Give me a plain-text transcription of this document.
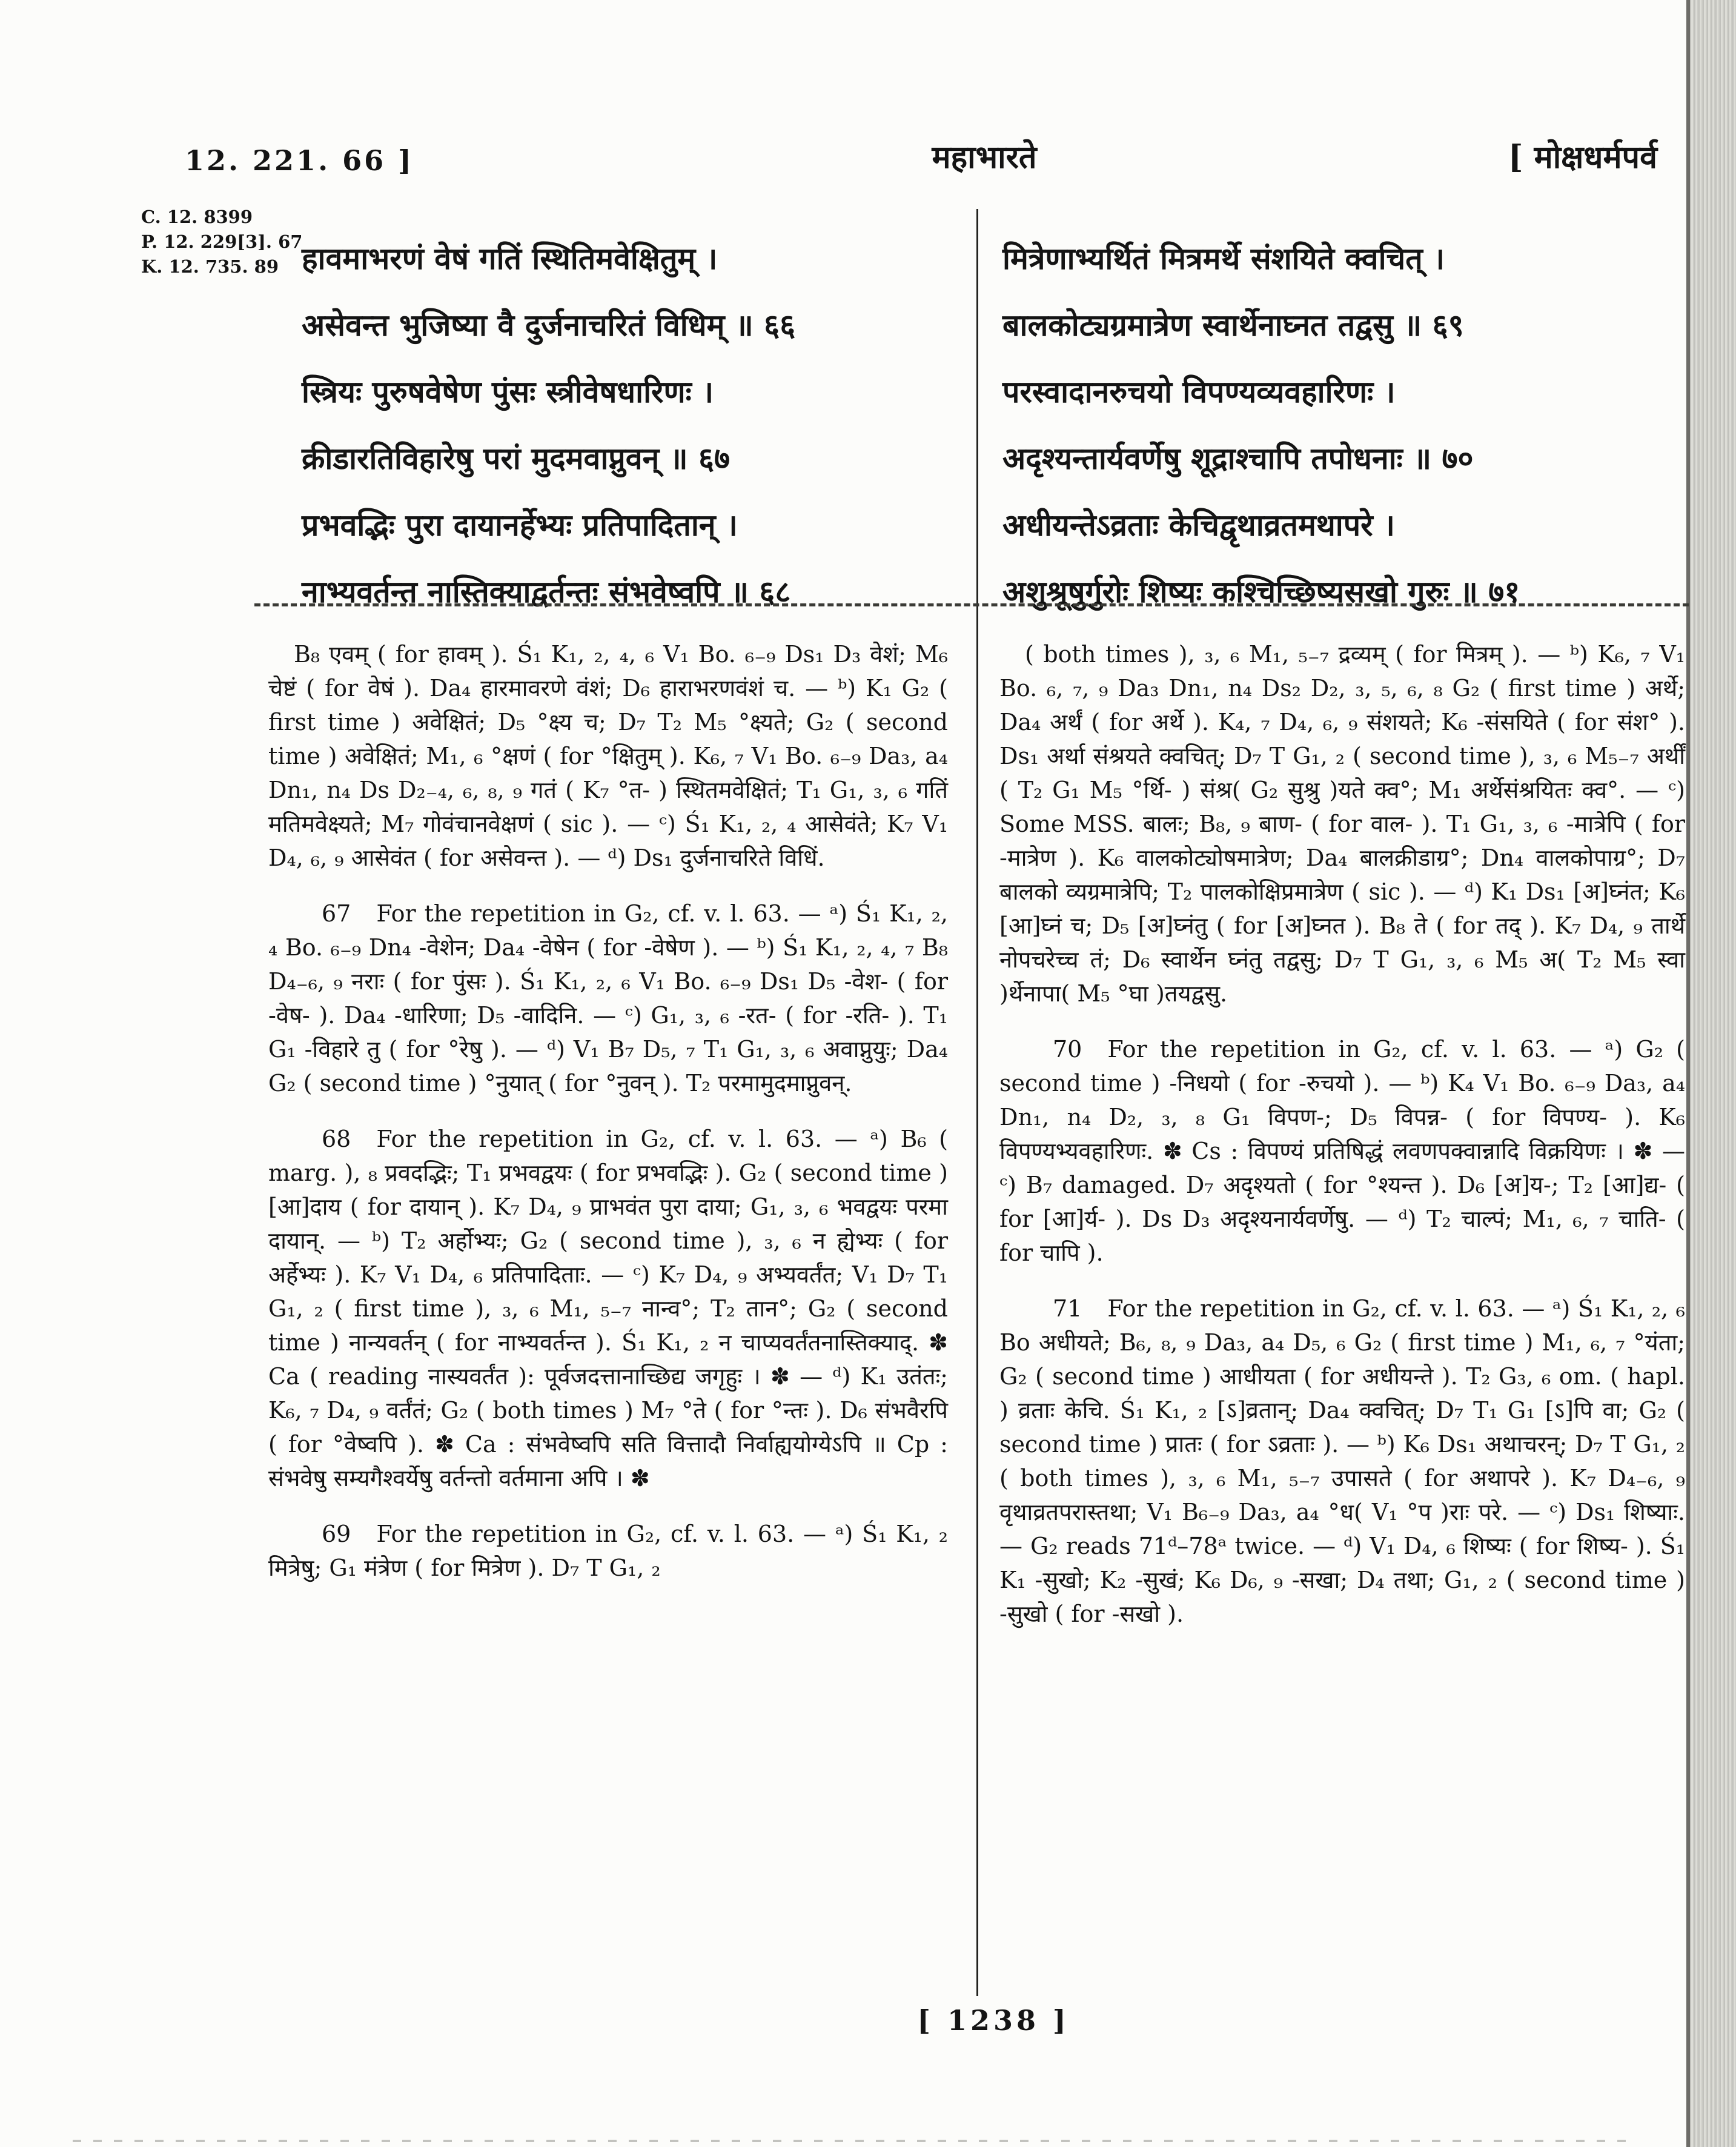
12. 221. 66 ]	महाभारते	[ मोक्षधर्मपर्व
C. 12. 8399
P. 12. 229[3]. 67
K. 12. 735. 89 हावमाभरणं वेषं गतिं स्थितिमवेक्षितुम् ।
असेवन्त भुजिष्या वै दुर्जनाचरितं विधिम् ॥ ६६
स्त्रियः पुरुषवेषेण पुंसः स्त्रीवेषधारिणः ।
क्रीडारतिविहारेषु परां मुदमवाप्नुवन् ॥ ६७
प्रभवद्भिः पुरा दायानर्हेभ्यः प्रतिपादितान् ।
नाभ्यवर्तन्त नास्तिक्याद्वर्तन्तः संभवेष्वपि ॥ ६८
मित्रेणाभ्यर्थितं मित्रमर्थे संशयिते क्वचित् ।
बालकोट्यग्रमात्रेण स्वार्थेनाघ्नत तद्वसु ॥ ६९
परस्वादानरुचयो विपण्यव्यवहारिणः ।
अदृश्यन्तार्यवर्णेषु शूद्राश्चापि तपोधनाः ॥ ७०
अधीयन्तेऽव्रताः केचिद्वृथाव्रतमथापरे ।
अशुश्रूषुर्गुरोः शिष्यः कश्चिच्छिष्यसखो गुरुः ॥ ७१

B₈ एवम् ( for हावम् ). Ś₁ K₁, ₂, ₄, ₆ V₁ Bo. ₆₋₉ Ds₁ D₃ वेशं; M₆ चेष्टं ( for वेषं ). Da₄ हारमावरणे वंशं; D₆ हाराभरणवंशं च. — ᵇ) K₁ G₂ ( first time ) अवेक्षितं; D₅ °क्ष्य च; D₇ T₂ M₅ °क्ष्यते; G₂ ( second time ) अवेक्षितं; M₁, ₆ °क्षणं ( for °क्षितुम् ). K₆, ₇ V₁ Bo. ₆₋₉ Da₃, a₄ Dn₁, n₄ Ds D₂₋₄, ₆, ₈, ₉ गतं ( K₇ °त- ) स्थितमवेक्षितं; T₁ G₁, ₃, ₆ गतिं मतिमवेक्ष्यते; M₇ गोवंचानवेक्षणं ( sic ). — ᶜ) Ś₁ K₁, ₂, ₄ आसेवंते; K₇ V₁ D₄, ₆, ₉ आसेवंत ( for असेवन्त ). — ᵈ) Ds₁ दुर्जनाचरिते विधिं.

67 For the repetition in G₂, cf. v. l. 63. — ᵃ) Ś₁ K₁, ₂, ₄ Bo. ₆₋₉ Dn₄ -वेशेन; Da₄ -वेषेन ( for -वेषेण ). — ᵇ) Ś₁ K₁, ₂, ₄, ₇ B₈ D₄₋₆, ₉ नराः ( for पुंसः ). Ś₁ K₁, ₂, ₆ V₁ Bo. ₆₋₉ Ds₁ D₅ -वेश- ( for -वेष- ). Da₄ -धारिणा; D₅ -वादिनि. — ᶜ) G₁, ₃, ₆ -रत- ( for -रति- ). T₁ G₁ -विहारे तु ( for °रेषु ). — ᵈ) V₁ B₇ D₅, ₇ T₁ G₁, ₃, ₆ अवाप्नुयुः; Da₄ G₂ ( second time ) °नुयात् ( for °नुवन् ). T₂ परमामुदमाप्नुवन्.

68 For the repetition in G₂, cf. v. l. 63. — ᵃ) B₆ ( marg. ), ₈ प्रवदद्भिः; T₁ प्रभवद्वयः ( for प्रभवद्भिः ). G₂ ( second time ) [आ]दाय ( for दायान् ). K₇ D₄, ₉ प्राभवंत पुरा दाया; G₁, ₃, ₆ भवद्वयः परमा दायान्. — ᵇ) T₂ अर्होभ्यः; G₂ ( second time ), ₃, ₆ न ह्येभ्यः ( for अर्हेभ्यः ). K₇ V₁ D₄, ₆ प्रतिपादिताः. — ᶜ) K₇ D₄, ₉ अभ्यवर्तंत; V₁ D₇ T₁ G₁, ₂ ( first time ), ₃, ₆ M₁, ₅₋₇ नान्व°; T₂ तान°; G₂ ( second time ) नान्यवर्तन् ( for नाभ्यवर्तन्त ). Ś₁ K₁, ₂ न चाप्यवर्तंतनास्तिक्याद्. ✽ Ca ( reading नास्यवर्तंत ): पूर्वजदत्तानाच्छिद्य जगृहुः । ✽ — ᵈ) K₁ उतंतः; K₆, ₇ D₄, ₉ वर्तंतं; G₂ ( both times ) M₇ °ते ( for °न्तः ). D₆ संभवैरपि ( for °वेष्वपि ). ✽ Ca : संभवेष्वपि सति वित्तादौ निर्वाह्ययोग्येऽपि ॥ Cp : संभवेषु सम्यगैश्वर्येषु वर्तन्तो वर्तमाना अपि । ✽

69 For the repetition in G₂, cf. v. l. 63. — ᵃ) Ś₁ K₁, ₂ मित्रेषु; G₁ मंत्रेण ( for मित्रेण ). D₇ T G₁, ₂

( both times ), ₃, ₆ M₁, ₅₋₇ द्रव्यम् ( for मित्रम् ). — ᵇ) K₆, ₇ V₁ Bo. ₆, ₇, ₉ Da₃ Dn₁, n₄ Ds₂ D₂, ₃, ₅, ₆, ₈ G₂ ( first time ) अर्थे; Da₄ अर्थं ( for अर्थे ). K₄, ₇ D₄, ₆, ₉ संशयते; K₆ -संसयिते ( for संश° ). Ds₁ अर्था संश्रयते क्वचित्; D₇ T G₁, ₂ ( second time ), ₃, ₆ M₅₋₇ अर्थीं ( T₂ G₁ M₅ °र्थि- ) संश्र( G₂ सुश्रु )यते क्व°; M₁ अर्थेसंश्रयितः क्व°. — ᶜ) Some MSS. बालः; B₈, ₉ बाण- ( for वाल- ). T₁ G₁, ₃, ₆ -मात्रेपि ( for -मात्रेण ). K₆ वालकोट्योषमात्रेण; Da₄ बालक्रीडाग्र°; Dn₄ वालकोपाग्र°; D₇ बालको व्यग्रमात्रेपि; T₂ पालकोक्षिप्रमात्रेण ( sic ). — ᵈ) K₁ Ds₁ [अ]घ्नंत; K₆ [आ]घ्नं च; D₅ [अ]घ्नंतु ( for [अ]घ्नत ). B₈ ते ( for तद् ). K₇ D₄, ₉ तार्थे नोपचरेच्च तं; D₆ स्वार्थेन घ्नंतु तद्वसु; D₇ T G₁, ₃, ₆ M₅ अ( T₂ M₅ स्वा )र्थेनापा( M₅ °घा )तयद्वसु.

70 For the repetition in G₂, cf. v. l. 63. — ᵃ) G₂ ( second time ) -निधयो ( for -रुचयो ). — ᵇ) K₄ V₁ Bo. ₆₋₉ Da₃, a₄ Dn₁, n₄ D₂, ₃, ₈ G₁ विपण-; D₅ विपन्न- ( for विपण्य- ). K₆ विपण्यभ्यवहारिणः. ✽ Cs : विपण्यं प्रतिषिद्धं लवणपक्वान्नादि विक्रयिणः । ✽ — ᶜ) B₇ damaged. D₇ अदृश्यतो ( for °श्यन्त ). D₆ [अ]य-; T₂ [आ]द्य- ( for [आ]र्य- ). Ds D₃ अदृश्यनार्यवर्णेषु. — ᵈ) T₂ चाल्पं; M₁, ₆, ₇ चाति- ( for चापि ).

71 For the repetition in G₂, cf. v. l. 63. — ᵃ) Ś₁ K₁, ₂, ₆ Bo अधीयते; B₆, ₈, ₉ Da₃, a₄ D₅, ₆ G₂ ( first time ) M₁, ₆, ₇ °यंता; G₂ ( second time ) आधीयता ( for अधीयन्ते ). T₂ G₃, ₆ om. ( hapl. ) व्रताः केचि. Ś₁ K₁, ₂ [ऽ]व्रतान्; Da₄ क्वचित्; D₇ T₁ G₁ [ऽ]पि वा; G₂ ( second time ) प्रातः ( for ऽव्रताः ). — ᵇ) K₆ Ds₁ अथाचरन्; D₇ T G₁, ₂ ( both times ), ₃, ₆ M₁, ₅₋₇ उपासते ( for अथापरे ). K₇ D₄₋₆, ₉ वृथाव्रतपरास्तथा; V₁ B₆₋₉ Da₃, a₄ °ध( V₁ °प )राः परे. — ᶜ) Ds₁ शिष्याः. — G₂ reads 71ᵈ–78ᵃ twice. — ᵈ) V₁ D₄, ₆ शिष्यः ( for शिष्य- ). Ś₁ K₁ -सुखो; K₂ -सुखं; K₆ D₆, ₉ -सखा; D₄ तथा; G₁, ₂ ( second time ) -सुखो ( for -सखो ).

[ 1238 ]
